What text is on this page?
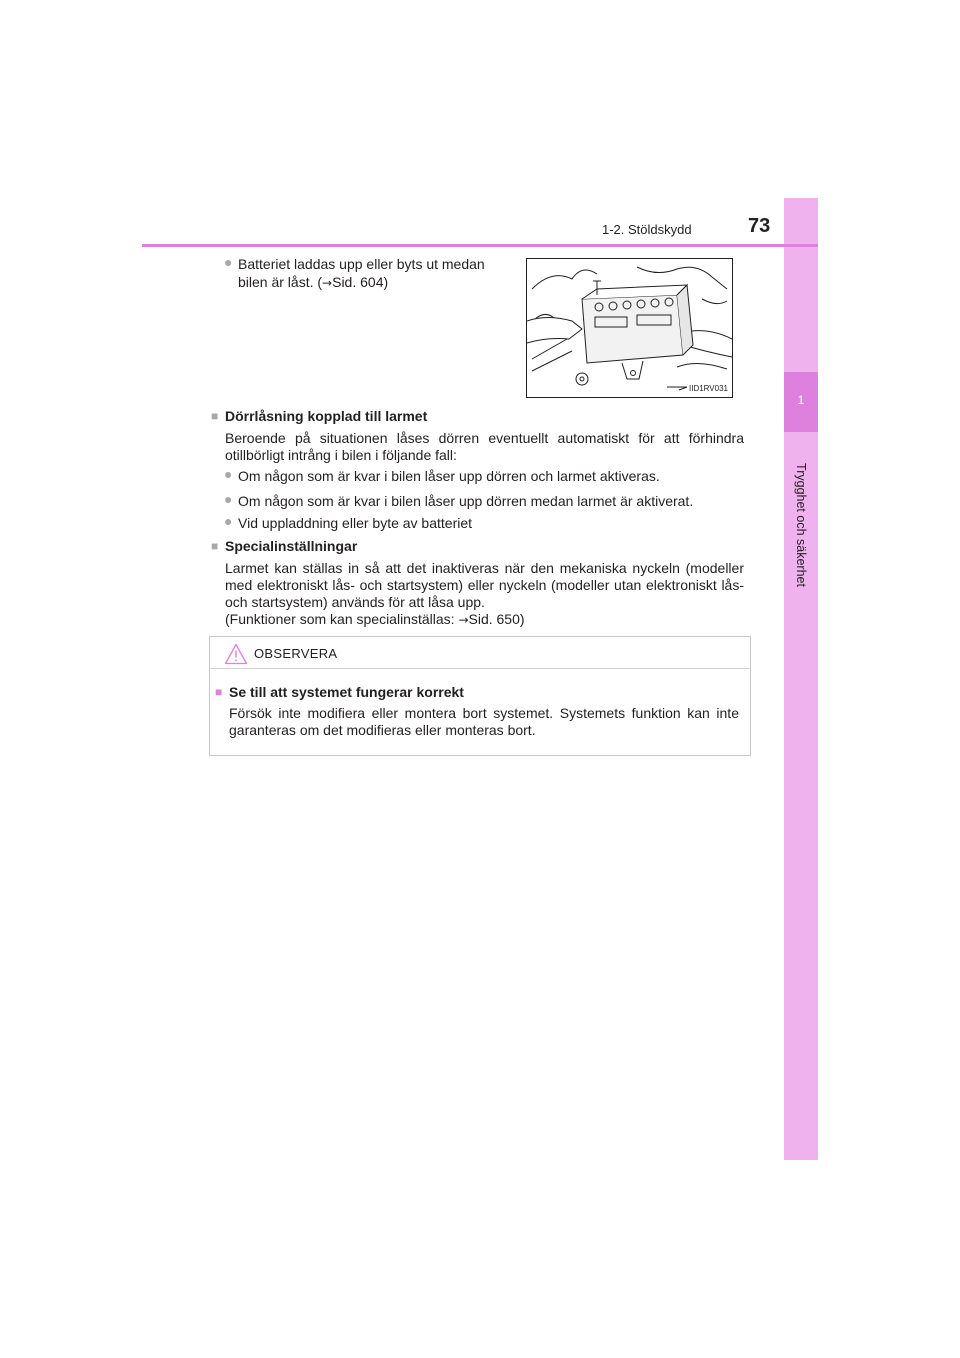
1
Trygghet och säkerhet
1-2. Stöldskydd	73
● Batteriet laddas upp eller byts ut medan
bilen är låst. (→Sid. 604)
IID1RV031
■ Dörrlåsning kopplad till larmet
Beroende på situationen låses dörren eventuellt automatiskt för att förhindra otillbörligt intrång i bilen i följande fall:
● Om någon som är kvar i bilen låser upp dörren och larmet aktiveras.
● Om någon som är kvar i bilen låser upp dörren medan larmet är aktiverat.
● Vid uppladdning eller byte av batteriet
■ Specialinställningar
Larmet kan ställas in så att det inaktiveras när den mekaniska nyckeln (modeller med elektroniskt lås- och startsystem) eller nyckeln (modeller utan elektroniskt lås- och startsystem) används för att låsa upp.
(Funktioner som kan specialinställas: →Sid. 650)
OBSERVERA
■ Se till att systemet fungerar korrekt
Försök inte modifiera eller montera bort systemet. Systemets funktion kan inte garanteras om det modifieras eller monteras bort.
